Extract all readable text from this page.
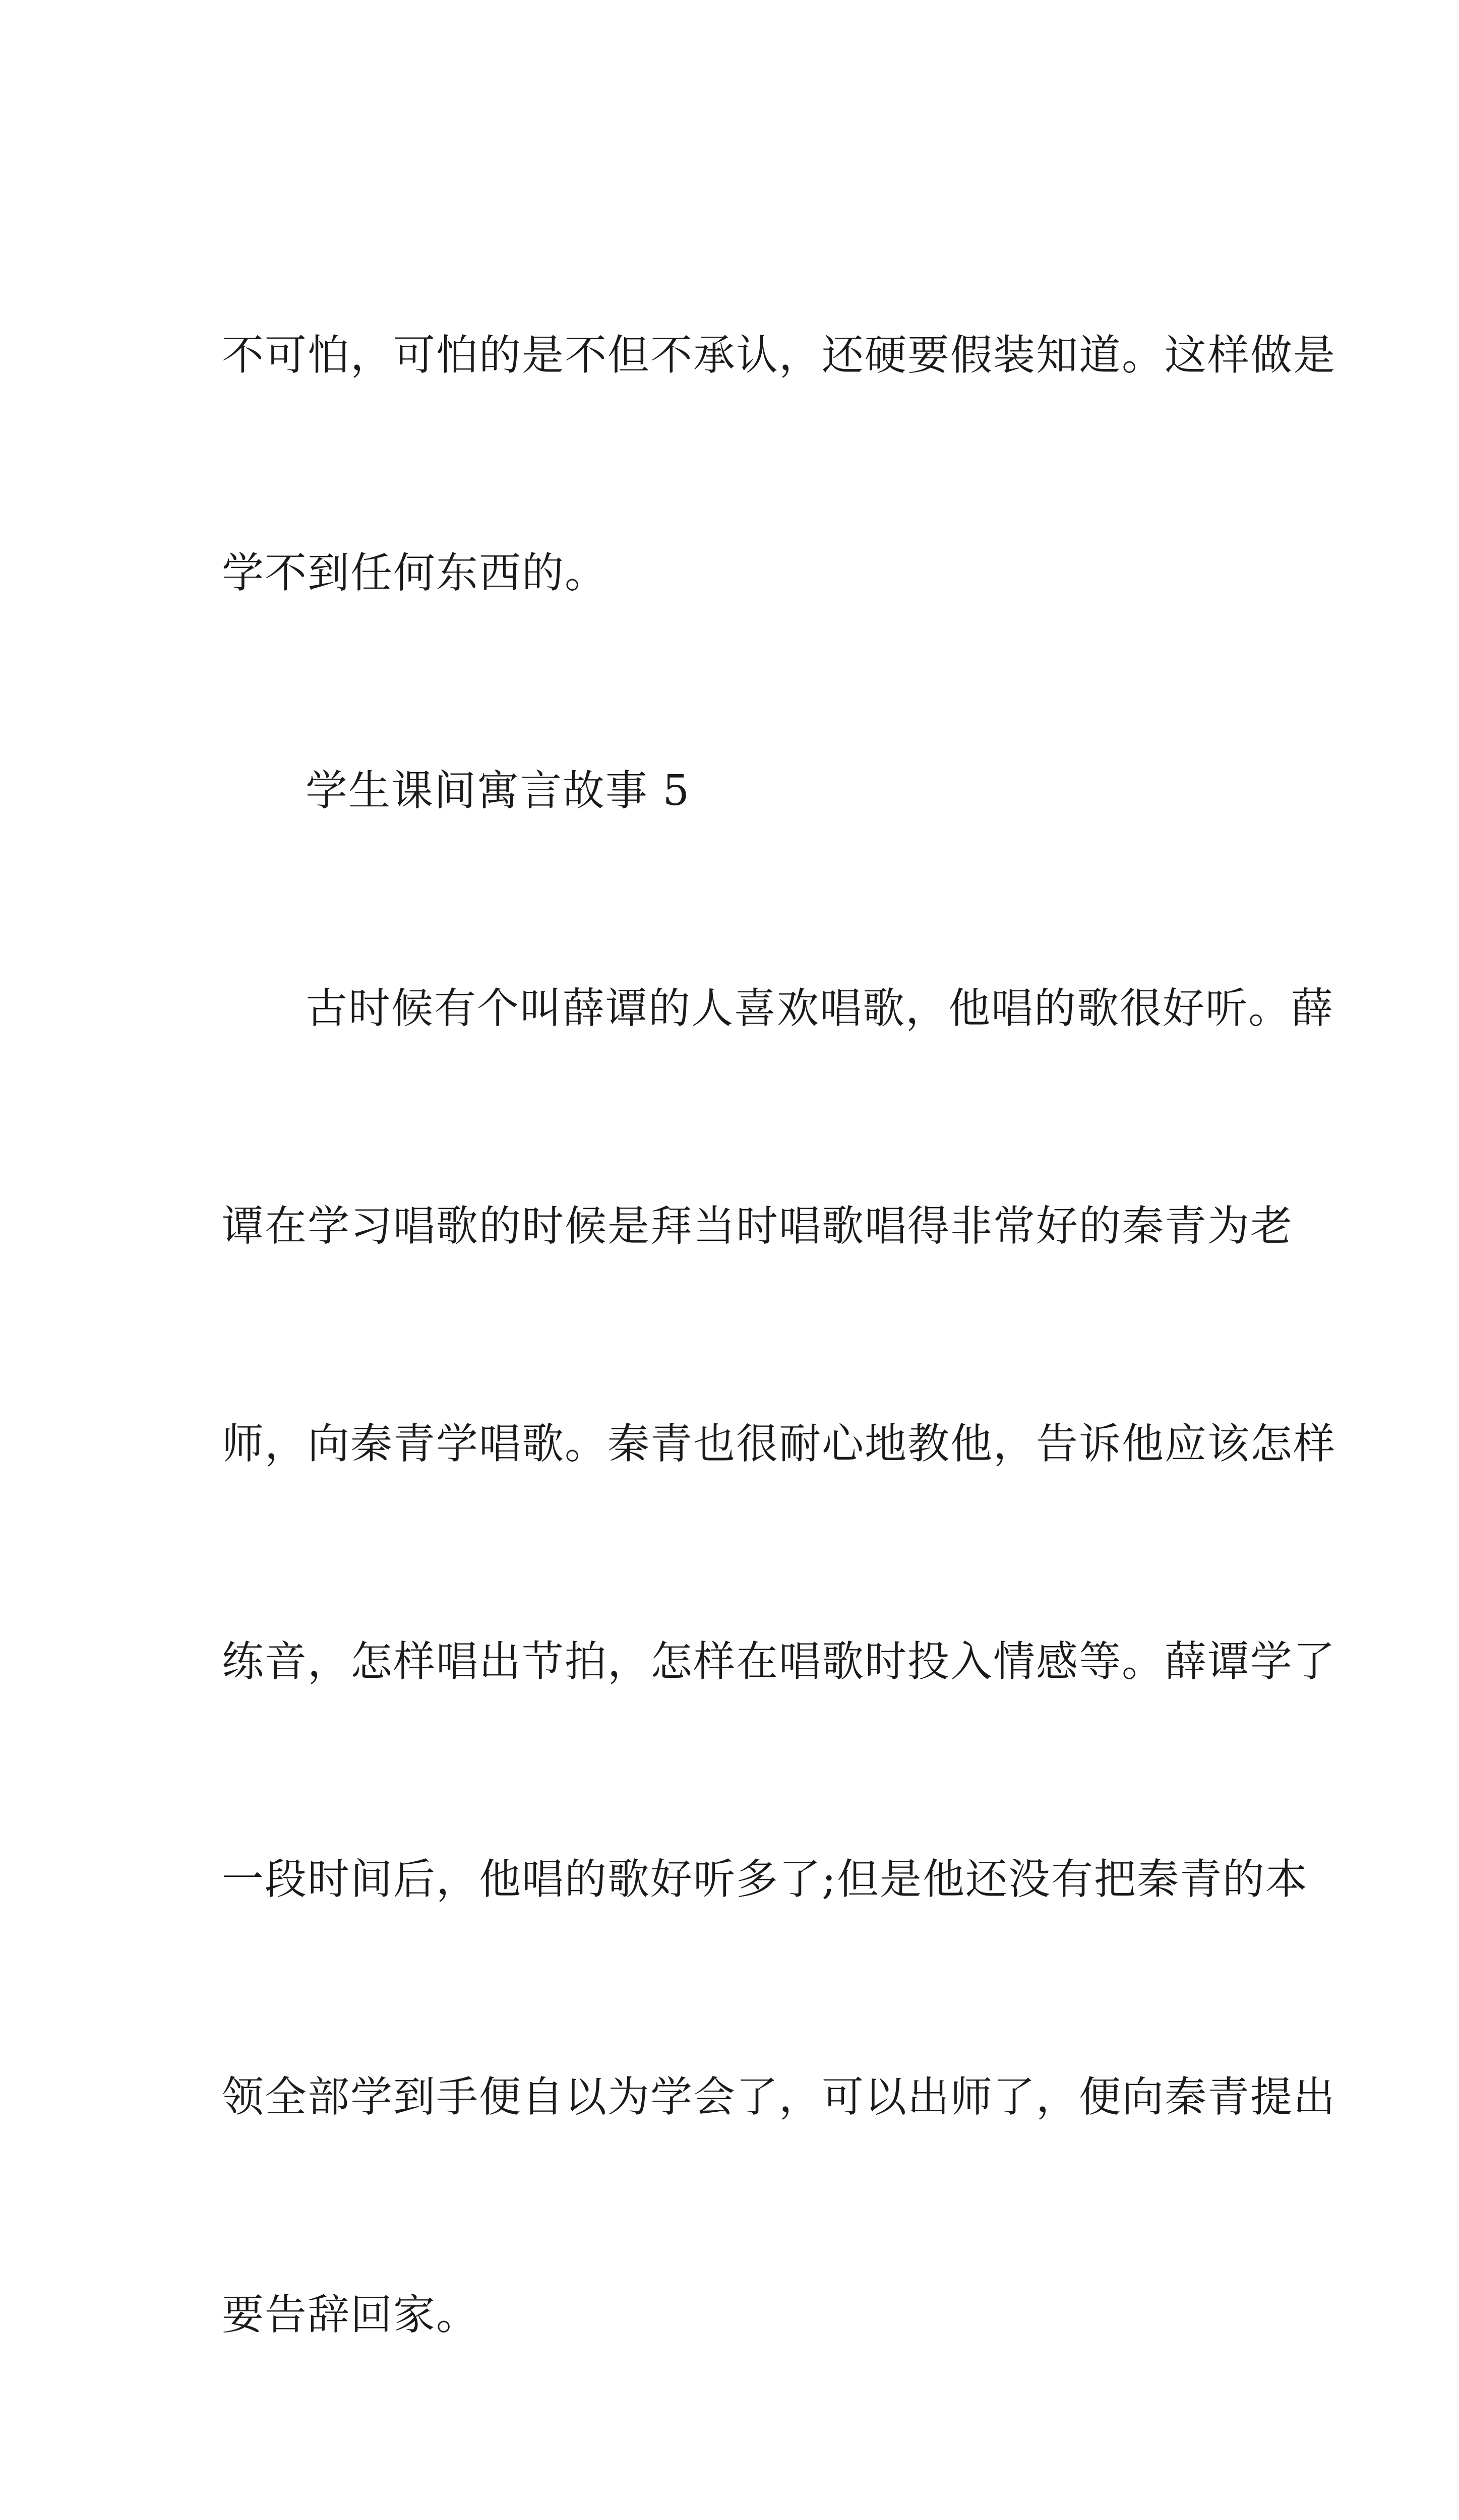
不可怕，可怕的是不但不承认，还硬要假装知道。这样做是

学不到任何东西的。

学生课间寓言故事 5

古时候有个叫薛谭的人喜欢唱歌，他唱的歌很好听。薛

谭在学习唱歌的时候是拜当时唱歌唱得非常好的秦青为老

师，向秦青学唱歌。秦青也很耐心地教他，告诉他应该怎样

练音，怎样唱出节拍，怎样在唱歌时投入情感等。薛谭学了

一段时间后，他唱的歌好听多了;但是他还没有把秦青的本

领全部学到手便自以为学会了，可以出师了，便向秦青提出

要告辞回家。
